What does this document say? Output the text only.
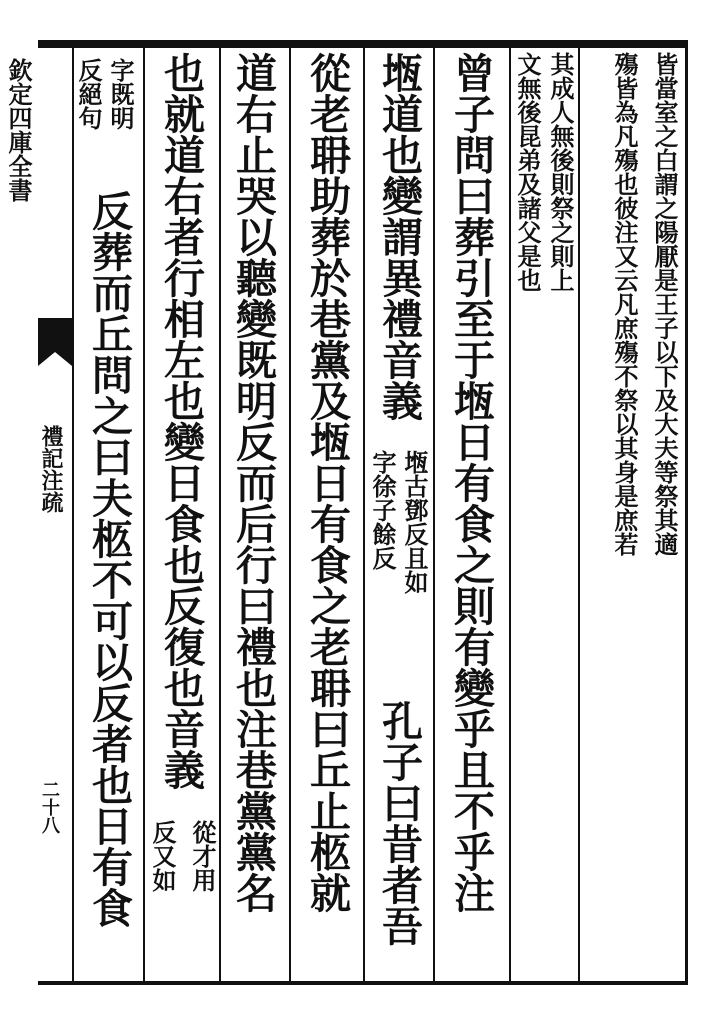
欽定四庫全書
禮記注疏
二十八
皆當室之白謂之陽厭是王子以下及大夫等祭其適
殤皆為凡殤也彼注又云凡庶殤不祭以其身是庶若
其成人無後則祭之則上
文無後昆弟及諸父是也
曾子問曰葬引至于堩日有食之則有變乎且不乎注
堩道也變謂異禮音義
堩古鄧反且如
字徐子餘反
孔子曰昔者吾
從老耼助葬於巷黨及堩日有食之老耼曰丘止柩就
道右止哭以聽變既明反而后行曰禮也注巷黨黨名
也就道右者行相左也變日食也反復也音義
從才用
反又如
字既明
反絕句
反葬而丘問之曰夫柩不可以反者也日有食
